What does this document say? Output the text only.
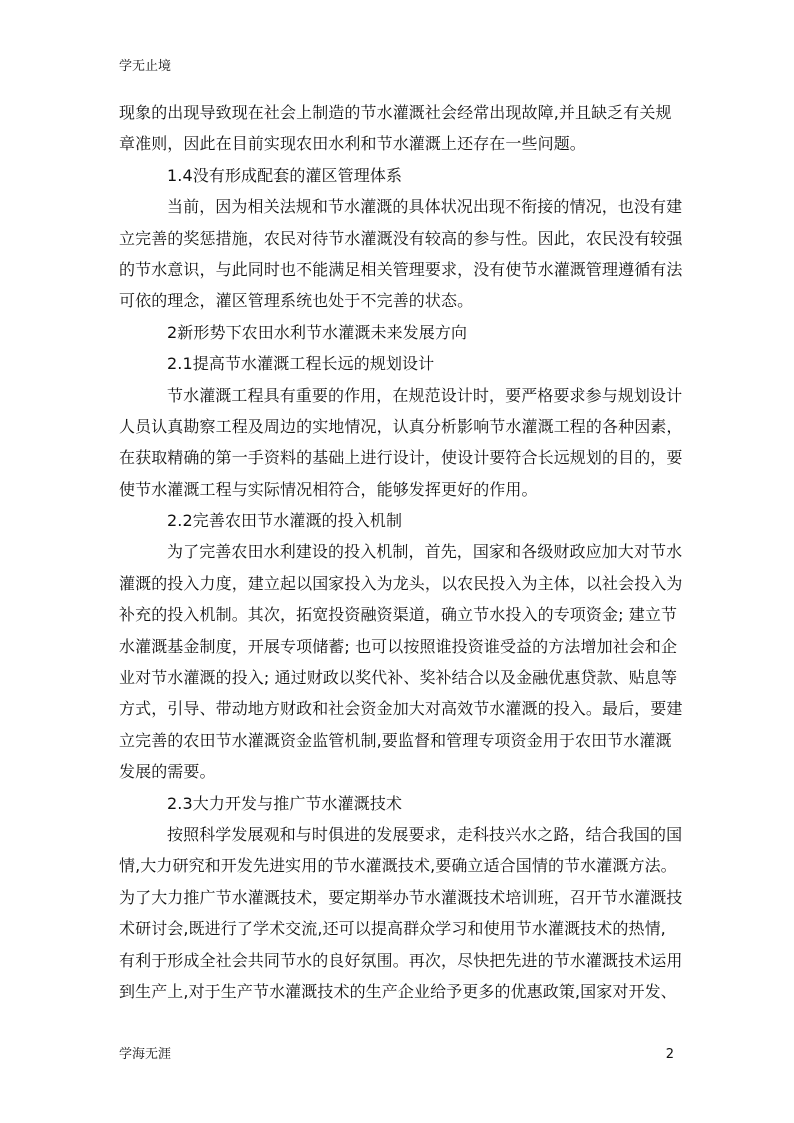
学无止境
现象的出现导致现在社会上制造的节水灌溉社会经常出现故障,并且缺乏有关规
章准则，因此在目前实现农田水利和节水灌溉上还存在一些问题。
1.4没有形成配套的灌区管理体系
当前，因为相关法规和节水灌溉的具体状况出现不衔接的情况，也没有建
立完善的奖惩措施，农民对待节水灌溉没有较高的参与性。因此，农民没有较强
的节水意识，与此同时也不能满足相关管理要求，没有使节水灌溉管理遵循有法
可依的理念，灌区管理系统也处于不完善的状态。
2新形势下农田水利节水灌溉未来发展方向
2.1提高节水灌溉工程长远的规划设计
节水灌溉工程具有重要的作用，在规范设计时，要严格要求参与规划设计
人员认真勘察工程及周边的实地情况，认真分析影响节水灌溉工程的各种因素，
在获取精确的第一手资料的基础上进行设计，使设计要符合长远规划的目的，要
使节水灌溉工程与实际情况相符合，能够发挥更好的作用。
2.2完善农田节水灌溉的投入机制
为了完善农田水利建设的投入机制，首先，国家和各级财政应加大对节水
灌溉的投入力度，建立起以国家投入为龙头，以农民投入为主体，以社会投入为
补充的投入机制。其次，拓宽投资融资渠道，确立节水投入的专项资金; 建立节
水灌溉基金制度，开展专项储蓄; 也可以按照谁投资谁受益的方法增加社会和企
业对节水灌溉的投入; 通过财政以奖代补、奖补结合以及金融优惠贷款、贴息等
方式，引导、带动地方财政和社会资金加大对高效节水灌溉的投入。最后，要建
立完善的农田节水灌溉资金监管机制,要监督和管理专项资金用于农田节水灌溉
发展的需要。
2.3大力开发与推广节水灌溉技术
按照科学发展观和与时俱进的发展要求，走科技兴水之路，结合我国的国
情,大力研究和开发先进实用的节水灌溉技术,要确立适合国情的节水灌溉方法。
为了大力推广节水灌溉技术，要定期举办节水灌溉技术培训班，召开节水灌溉技
术研讨会,既进行了学术交流,还可以提高群众学习和使用节水灌溉技术的热情,
有利于形成全社会共同节水的良好氛围。再次，尽快把先进的节水灌溉技术运用
到生产上,对于生产节水灌溉技术的生产企业给予更多的优惠政策,国家对开发、
学海无涯	2
